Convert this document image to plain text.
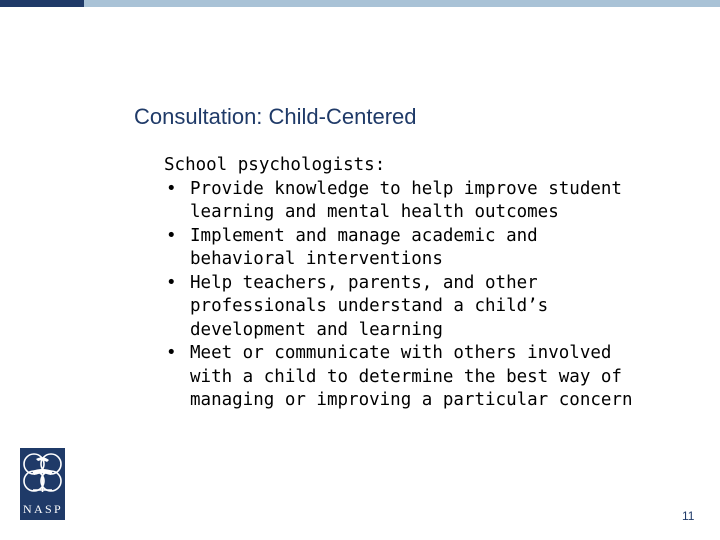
Consultation: Child-Centered

School psychologists:

• Provide knowledge to help improve student
learning and mental health outcomes
• Implement and manage academic and
behavioral interventions
• Help teachers, parents, and other
professionals understand a child’s
development and learning
• Meet or communicate with others involved
with a child to determine the best way of
managing or improving a particular concern
N A S P	11
